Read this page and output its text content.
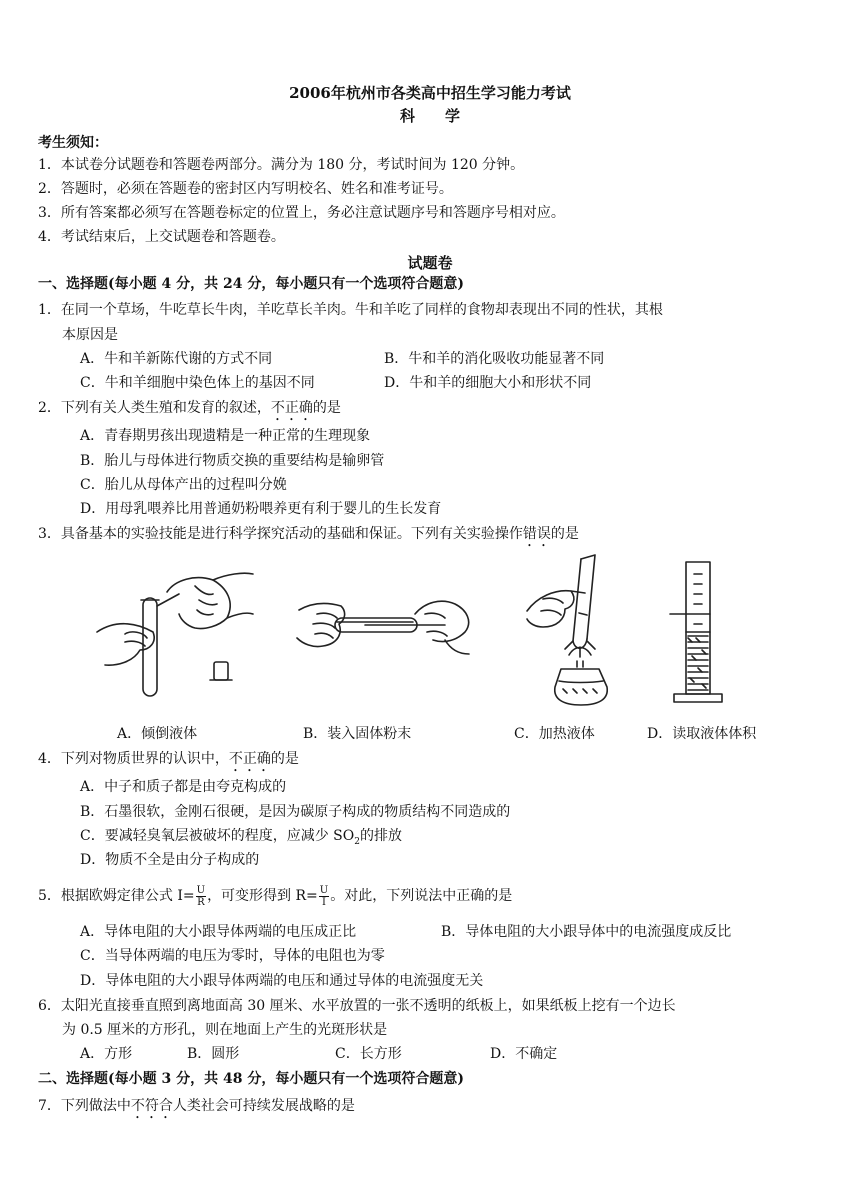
2006年杭州市各类高中招生学习能力考试
科　　学
考生须知：
1．本试卷分试题卷和答题卷两部分。满分为 180 分，考试时间为 120 分钟。
2．答题时，必须在答题卷的密封区内写明校名、姓名和准考证号。
3．所有答案都必须写在答题卷标定的位置上，务必注意试题序号和答题序号相对应。
4．考试结束后，上交试题卷和答题卷。
试题卷
一、选择题(每小题 4 分，共 24 分，每小题只有一个选项符合题意)
1．在同一个草场，牛吃草长牛肉，羊吃草长羊肉。牛和羊吃了同样的食物却表现出不同的性状，其根
本原因是
A．牛和羊新陈代谢的方式不同	B．牛和羊的消化吸收功能显著不同
C．牛和羊细胞中染色体上的基因不同	D．牛和羊的细胞大小和形状不同
2．下列有关人类生殖和发育的叙述，不正确的是
A．青春期男孩出现遗精是一种正常的生理现象
B．胎儿与母体进行物质交换的重要结构是输卵管
C．胎儿从母体产出的过程叫分娩
D．用母乳喂养比用普通奶粉喂养更有利于婴儿的生长发育
3．具备基本的实验技能是进行科学探究活动的基础和保证。下列有关实验操作错误的是
A．倾倒液体	B．装入固体粉末	C．加热液体	D．读取液体体积
4．下列对物质世界的认识中，不正确的是
A．中子和质子都是由夸克构成的
B．石墨很软，金刚石很硬，是因为碳原子构成的物质结构不同造成的
C．要减轻臭氧层被破坏的程度，应减少 $SO_2$的排放
D．物质不全是由分子构成的
5．根据欧姆定律公式 $I= \frac{U}{R}$ ，可变形得到 $R= \frac{U}{I}$ 。对此，下列说法中正确的是
A．导体电阻的大小跟导体两端的电压成正比	B．导体电阻的大小跟导体中的电流强度成反比
C．当导体两端的电压为零时，导体的电阻也为零
D．导体电阻的大小跟导体两端的电压和通过导体的电流强度无关
6．太阳光直接垂直照到离地面高 30 厘米、水平放置的一张不透明的纸板上，如果纸板上挖有一个边长
为 0.5 厘米的方形孔，则在地面上产生的光斑形状是
A．方形	B．圆形	C．长方形	D．不确定
二、选择题(每小题 3 分，共 48 分，每小题只有一个选项符合题意)
7．下列做法中不符合人类社会可持续发展战略的是
